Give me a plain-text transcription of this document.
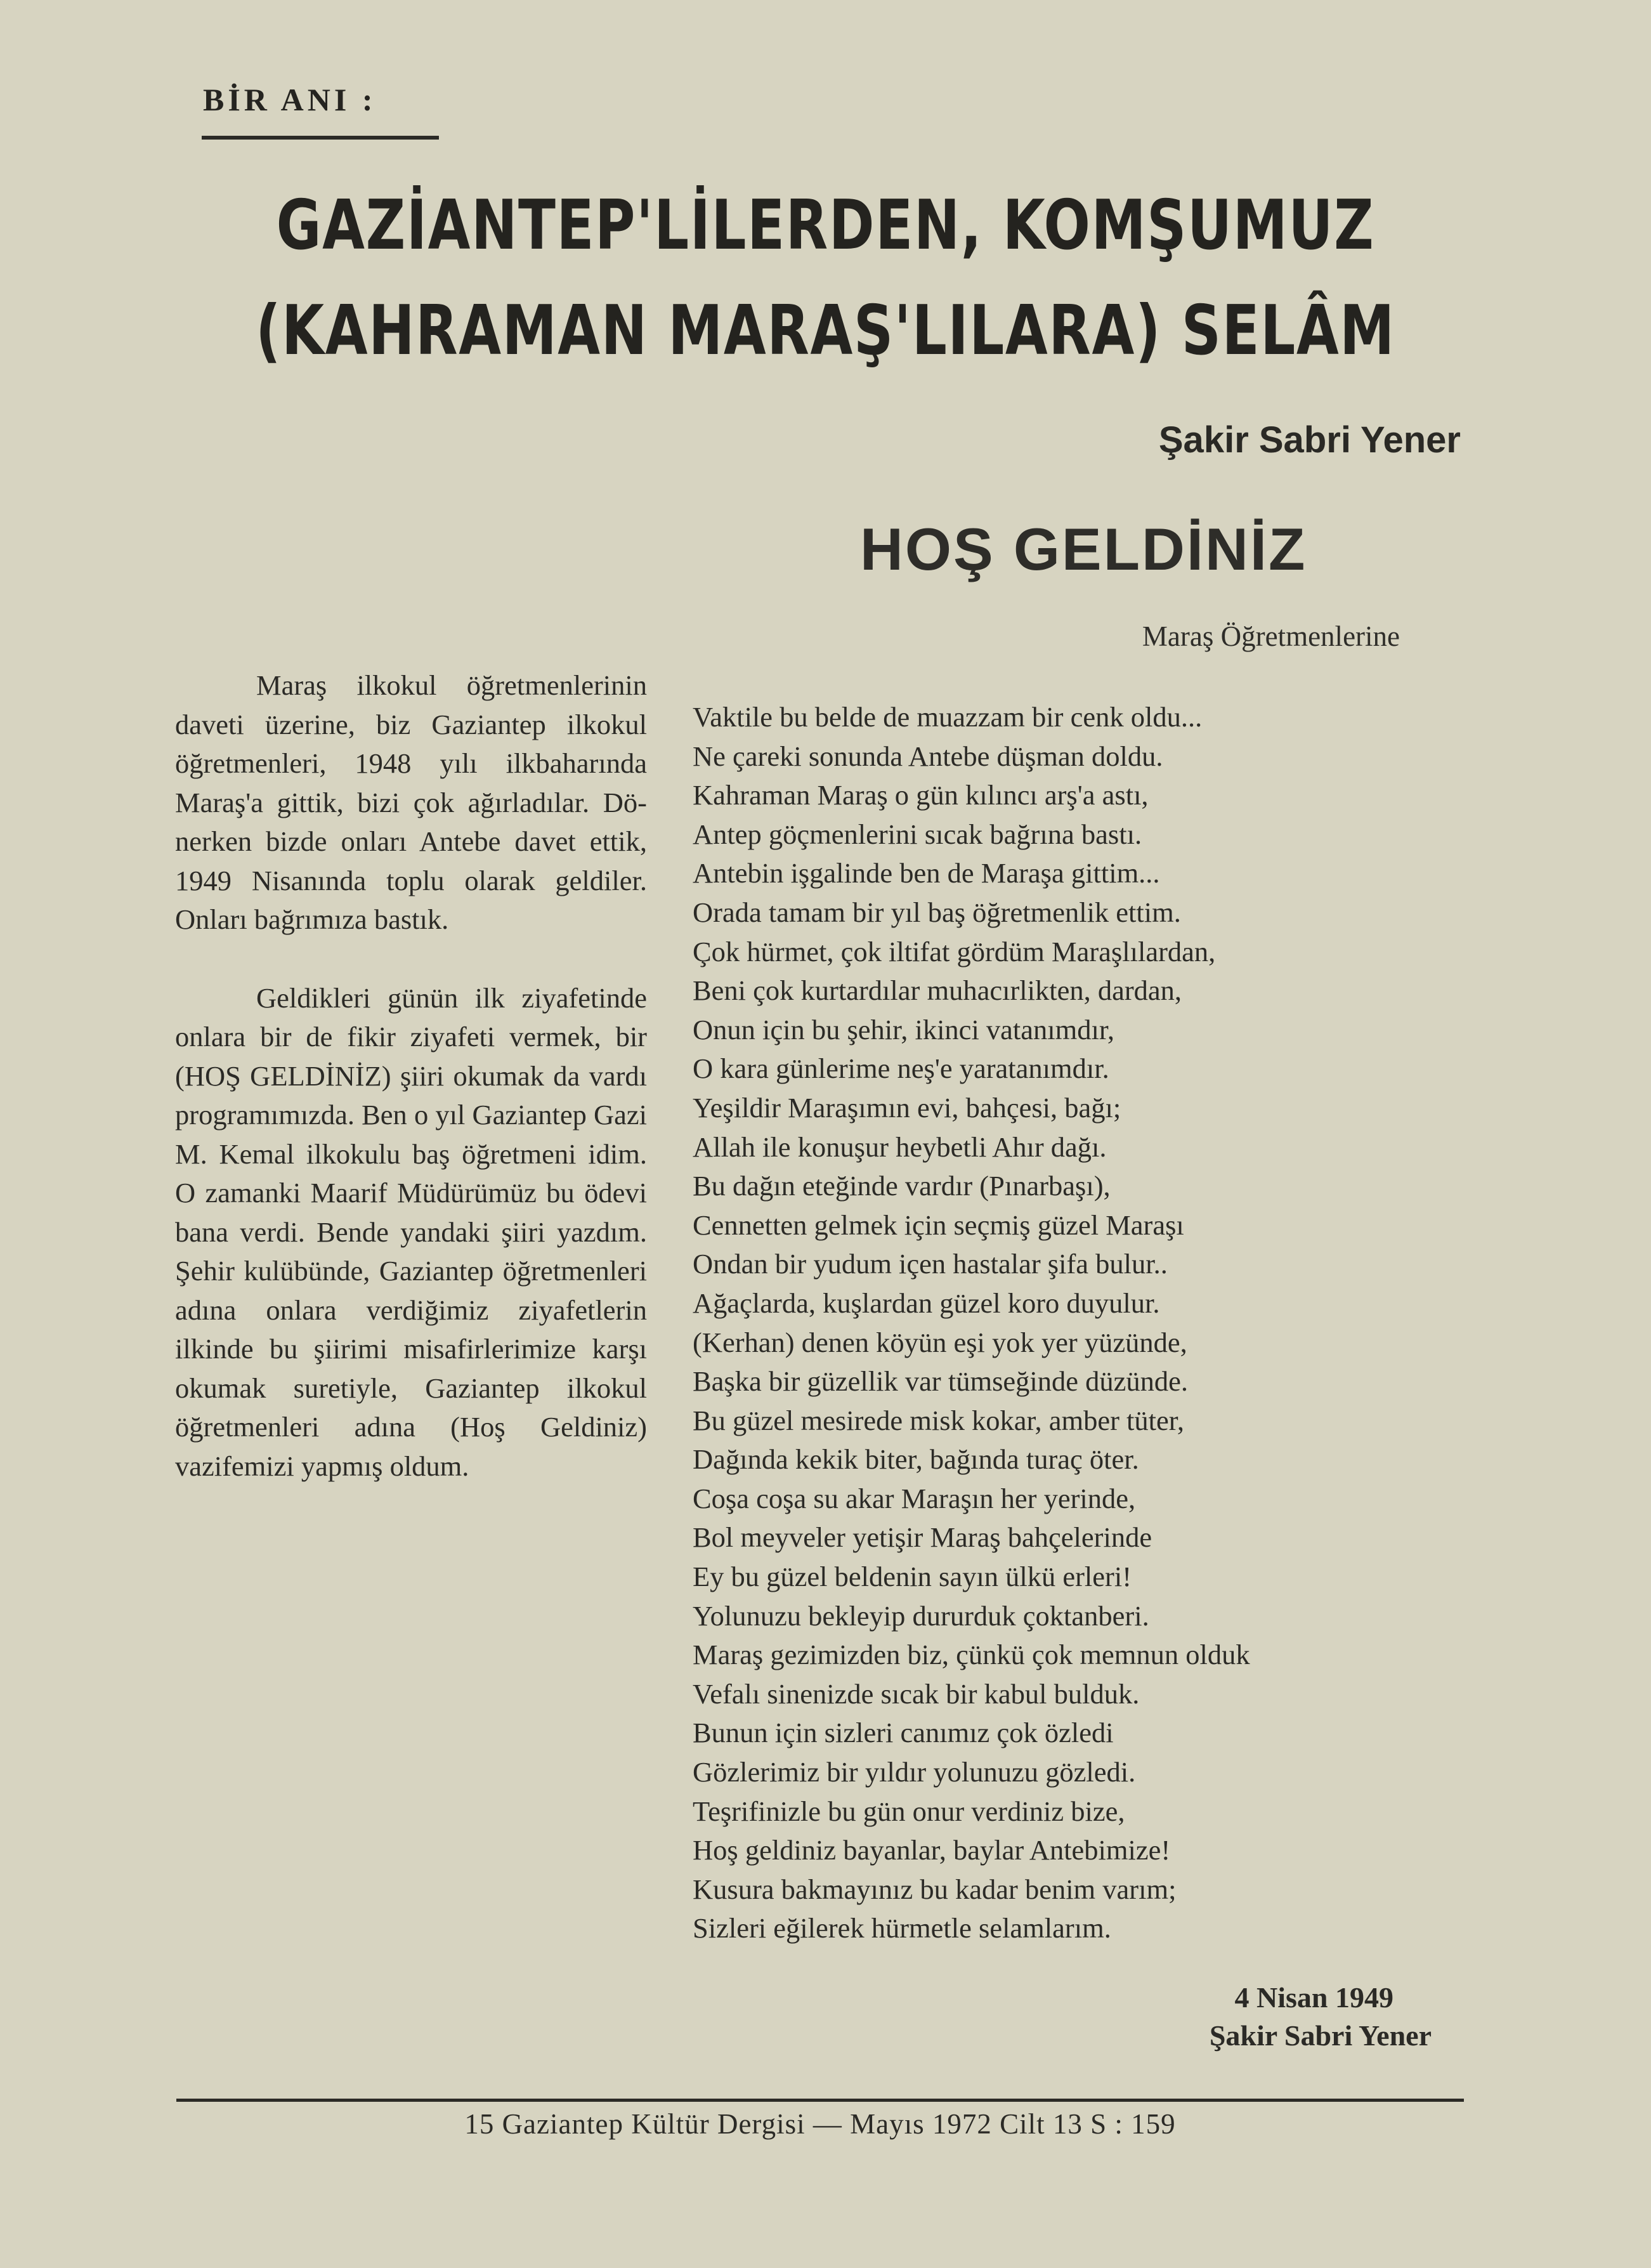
BİR ANI :
GAZİANTEP'LİLERDEN, KOMŞUMUZ
(KAHRAMAN MARAŞ'LILARA) SELÂM
Şakir Sabri Yener
HOŞ GELDİNİZ
Maraş Öğretmenlerine

Maraş ilkokul öğretmenlerinin daveti üzerine, biz Gaziantep ilkokul öğretmenleri, 1948 yılı ilkbaharında Maraş'a gittik, bizi çok ağırladılar. Dönerken bizde onları Antebe davet ettik, 1949 Nisanında toplu olarak geldiler. Onları bağrımıza bastık.

Geldikleri günün ilk ziyafetinde onlara bir de fikir ziyafeti vermek, bir (HOŞ GELDİNİZ) şiiri okumak da vardı programımızda. Ben o yıl Gaziantep Gazi M. Kemal ilkokulu baş öğretmeni idim. O zamanki Maarif Müdürümüz bu ödevi bana verdi. Bende yandaki şiiri yazdım. Şehir kulübünde, Gaziantep öğretmenleri adına onlara verdiğimiz ziyafetlerin ilkinde bu şiirimi misafirlerimize karşı okumak suretiyle, Gaziantep ilkokul öğretmenleri adına (Hoş Geldiniz) vazifemizi yapmış oldum.

Vaktile bu belde de muazzam bir cenk oldu...
Ne çareki sonunda Antebe düşman doldu.
Kahraman Maraş o gün kılıncı arş'a astı,
Antep göçmenlerini sıcak bağrına bastı.
Antebin işgalinde ben de Maraşa gittim...
Orada tamam bir yıl baş öğretmenlik ettim.
Çok hürmet, çok iltifat gördüm Maraşlılardan,
Beni çok kurtardılar muhacırlikten, dardan,
Onun için bu şehir, ikinci vatanımdır,
O kara günlerime neş'e yaratanımdır.
Yeşildir Maraşımın evi, bahçesi, bağı;
Allah ile konuşur heybetli Ahır dağı.
Bu dağın eteğinde vardır (Pınarbaşı),
Cennetten gelmek için seçmiş güzel Maraşı
Ondan bir yudum içen hastalar şifa bulur..
Ağaçlarda, kuşlardan güzel koro duyulur.
(Kerhan) denen köyün eşi yok yer yüzünde,
Başka bir güzellik var tümseğinde düzünde.
Bu güzel mesirede misk kokar, amber tüter,
Dağında kekik biter, bağında turaç öter.
Coşa coşa su akar Maraşın her yerinde,
Bol meyveler yetişir Maraş bahçelerinde
Ey bu güzel beldenin sayın ülkü erleri!
Yolunuzu bekleyip dururduk çoktanberi.
Maraş gezimizden biz, çünkü çok memnun olduk
Vefalı sinenizde sıcak bir kabul bulduk.
Bunun için sizleri canımız çok özledi
Gözlerimiz bir yıldır yolunuzu gözledi.
Teşrifinizle bu gün onur verdiniz bize,
Hoş geldiniz bayanlar, baylar Antebimize!
Kusura bakmayınız bu kadar benim varım;
Sizleri eğilerek hürmetle selamlarım.
4 Nisan 1949
Şakir Sabri Yener
15 Gaziantep Kültür Dergisi — Mayıs 1972 Cilt 13 S : 159
